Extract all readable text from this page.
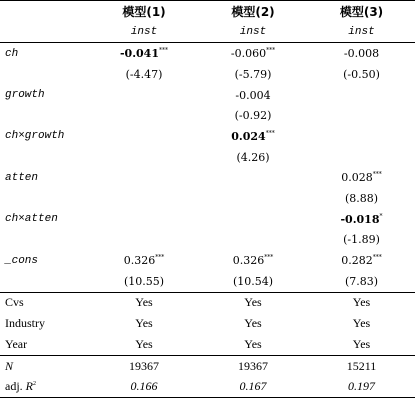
	模型(1)	模型(2)	模型(3)
	inst	inst	inst
ch	-0.041***	-0.060***	-0.008
	(-4.47)	(-5.79)	(-0.50)
growth		-0.004	
		(-0.92)	
ch×growth		0.024***	
		(4.26)	
atten			0.028***
			(8.88)
ch×atten			-0.018*
			(-1.89)
_cons	0.326***	0.326***	0.282***
	(10.55)	(10.54)	(7.83)
Cvs	Yes	Yes	Yes
Industry	Yes	Yes	Yes
Year	Yes	Yes	Yes
N	19367	19367	15211
adj. $R^2$	0.166	0.167	0.197
